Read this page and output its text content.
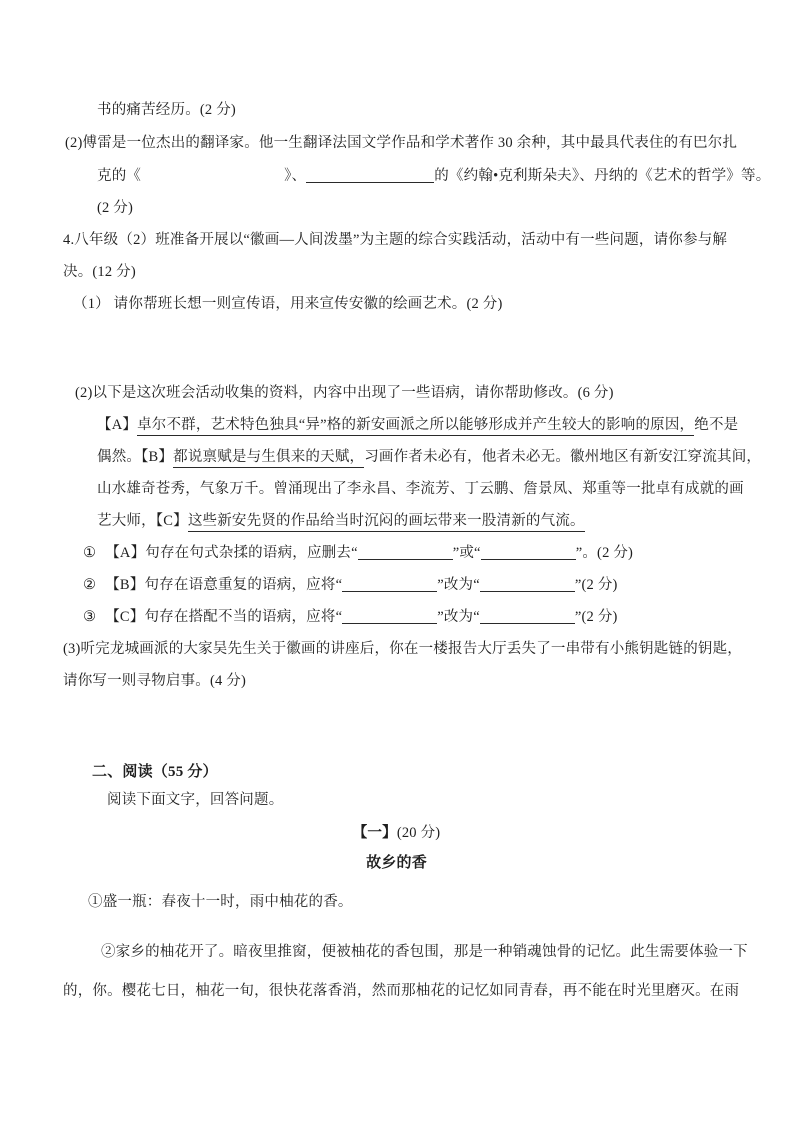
书的痛苦经历。(2 分)
(2)傅雷是一位杰出的翻译家。他一生翻译法国文学作品和学术著作 30 余种，其中最具代表住的有巴尔扎
克的《	》、	的《约翰•克利斯朵夫》、丹纳的《艺术的哲学》等。
(2 分)
4.八年级（2）班准备开展以“徽画—人间泼墨”为主题的综合实践活动，活动中有一些问题，请你参与解
决。(12 分)
（1） 请你帮班长想一则宣传语，用来宣传安徽的绘画艺术。(2 分)
(2)以下是这次班会活动收集的资料，内容中出现了一些语病，请你帮助修改。(6 分)
【A】卓尔不群，艺术特色独具“异”格的新安画派之所以能够形成并产生较大的影响的原因，绝不是
偶然。【B】都说禀赋是与生俱来的天赋，习画作者未必有，他者未必无。徽州地区有新安江穿流其间，
山水雄奇苍秀，气象万千。曾涌现出了李永昌、李流芳、丁云鹏、詹景凤、郑重等一批卓有成就的画
艺大师，【C】这些新安先贤的作品给当时沉闷的画坛带来一股清新的气流。
① 【A】句存在句式杂揉的语病，应删去“	”或“	”。(2 分)
② 【B】句存在语意重复的语病，应将“	”改为“	”(2 分)
③ 【C】句存在搭配不当的语病，应将“	”改为“	”(2 分)
(3)听完龙城画派的大家吴先生关于徽画的讲座后，你在一楼报告大厅丢失了一串带有小熊钥匙链的钥匙，
请你写一则寻物启事。(4 分)
二、阅读（55 分）
阅读下面文字，回答问题。
【一】(20 分)
故乡的香
①盛一瓶：春夜十一时，雨中柚花的香。
②家乡的柚花开了。暗夜里推窗，便被柚花的香包围，那是一种销魂蚀骨的记忆。此生需要体验一下
的，你。樱花七日，柚花一旬，很快花落香消，然而那柚花的记忆如同青春，再不能在时光里磨灭。在雨
